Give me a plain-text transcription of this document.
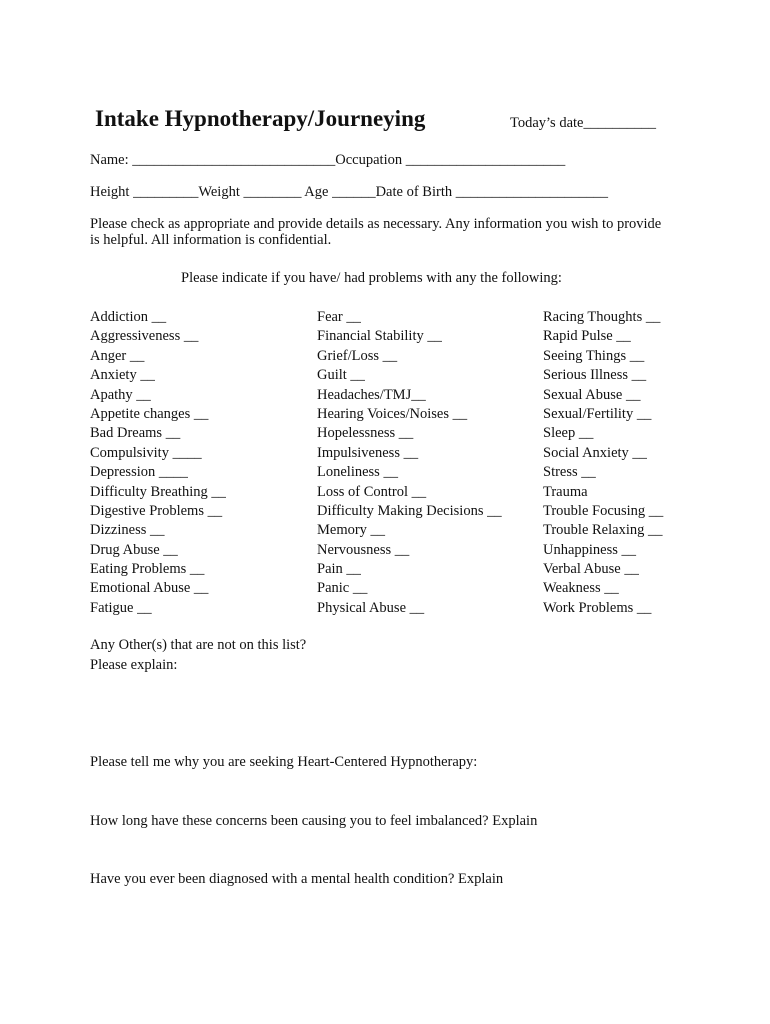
Intake Hypnotherapy/Journeying	Today’s date__________
Name: ____________________________Occupation ______________________
Height _________Weight ________ Age ______Date of Birth _____________________
Please check as appropriate and provide details as necessary. Any information you wish to provide is helpful. All information is confidential.
Please indicate if you have/ had problems with any the following:
Addiction __
Aggressiveness __
Anger __
Anxiety __
Apathy __
Appetite changes __
Bad Dreams __
Compulsivity ____
Depression ____
Difficulty Breathing __
Digestive Problems __
Dizziness __
Drug Abuse __
Eating Problems __
Emotional Abuse __
Fatigue __
Fear __
Financial Stability __
Grief/Loss __
Guilt __
Headaches/TMJ__
Hearing Voices/Noises __
Hopelessness __
Impulsiveness __
Loneliness __
Loss of Control __
Difficulty Making Decisions __
Memory __
Nervousness __
Pain __
Panic __
Physical Abuse __
Racing Thoughts __
Rapid Pulse __
Seeing Things __
Serious Illness __
Sexual Abuse __
Sexual/Fertility __
Sleep __
Social Anxiety __
Stress __
Trauma
Trouble Focusing __
Trouble Relaxing __
Unhappiness __
Verbal Abuse __
Weakness __
Work Problems __
Any Other(s) that are not on this list?
Please explain:
Please tell me why you are seeking Heart-Centered Hypnotherapy:
How long have these concerns been causing you to feel imbalanced? Explain
Have you ever been diagnosed with a mental health condition? Explain
